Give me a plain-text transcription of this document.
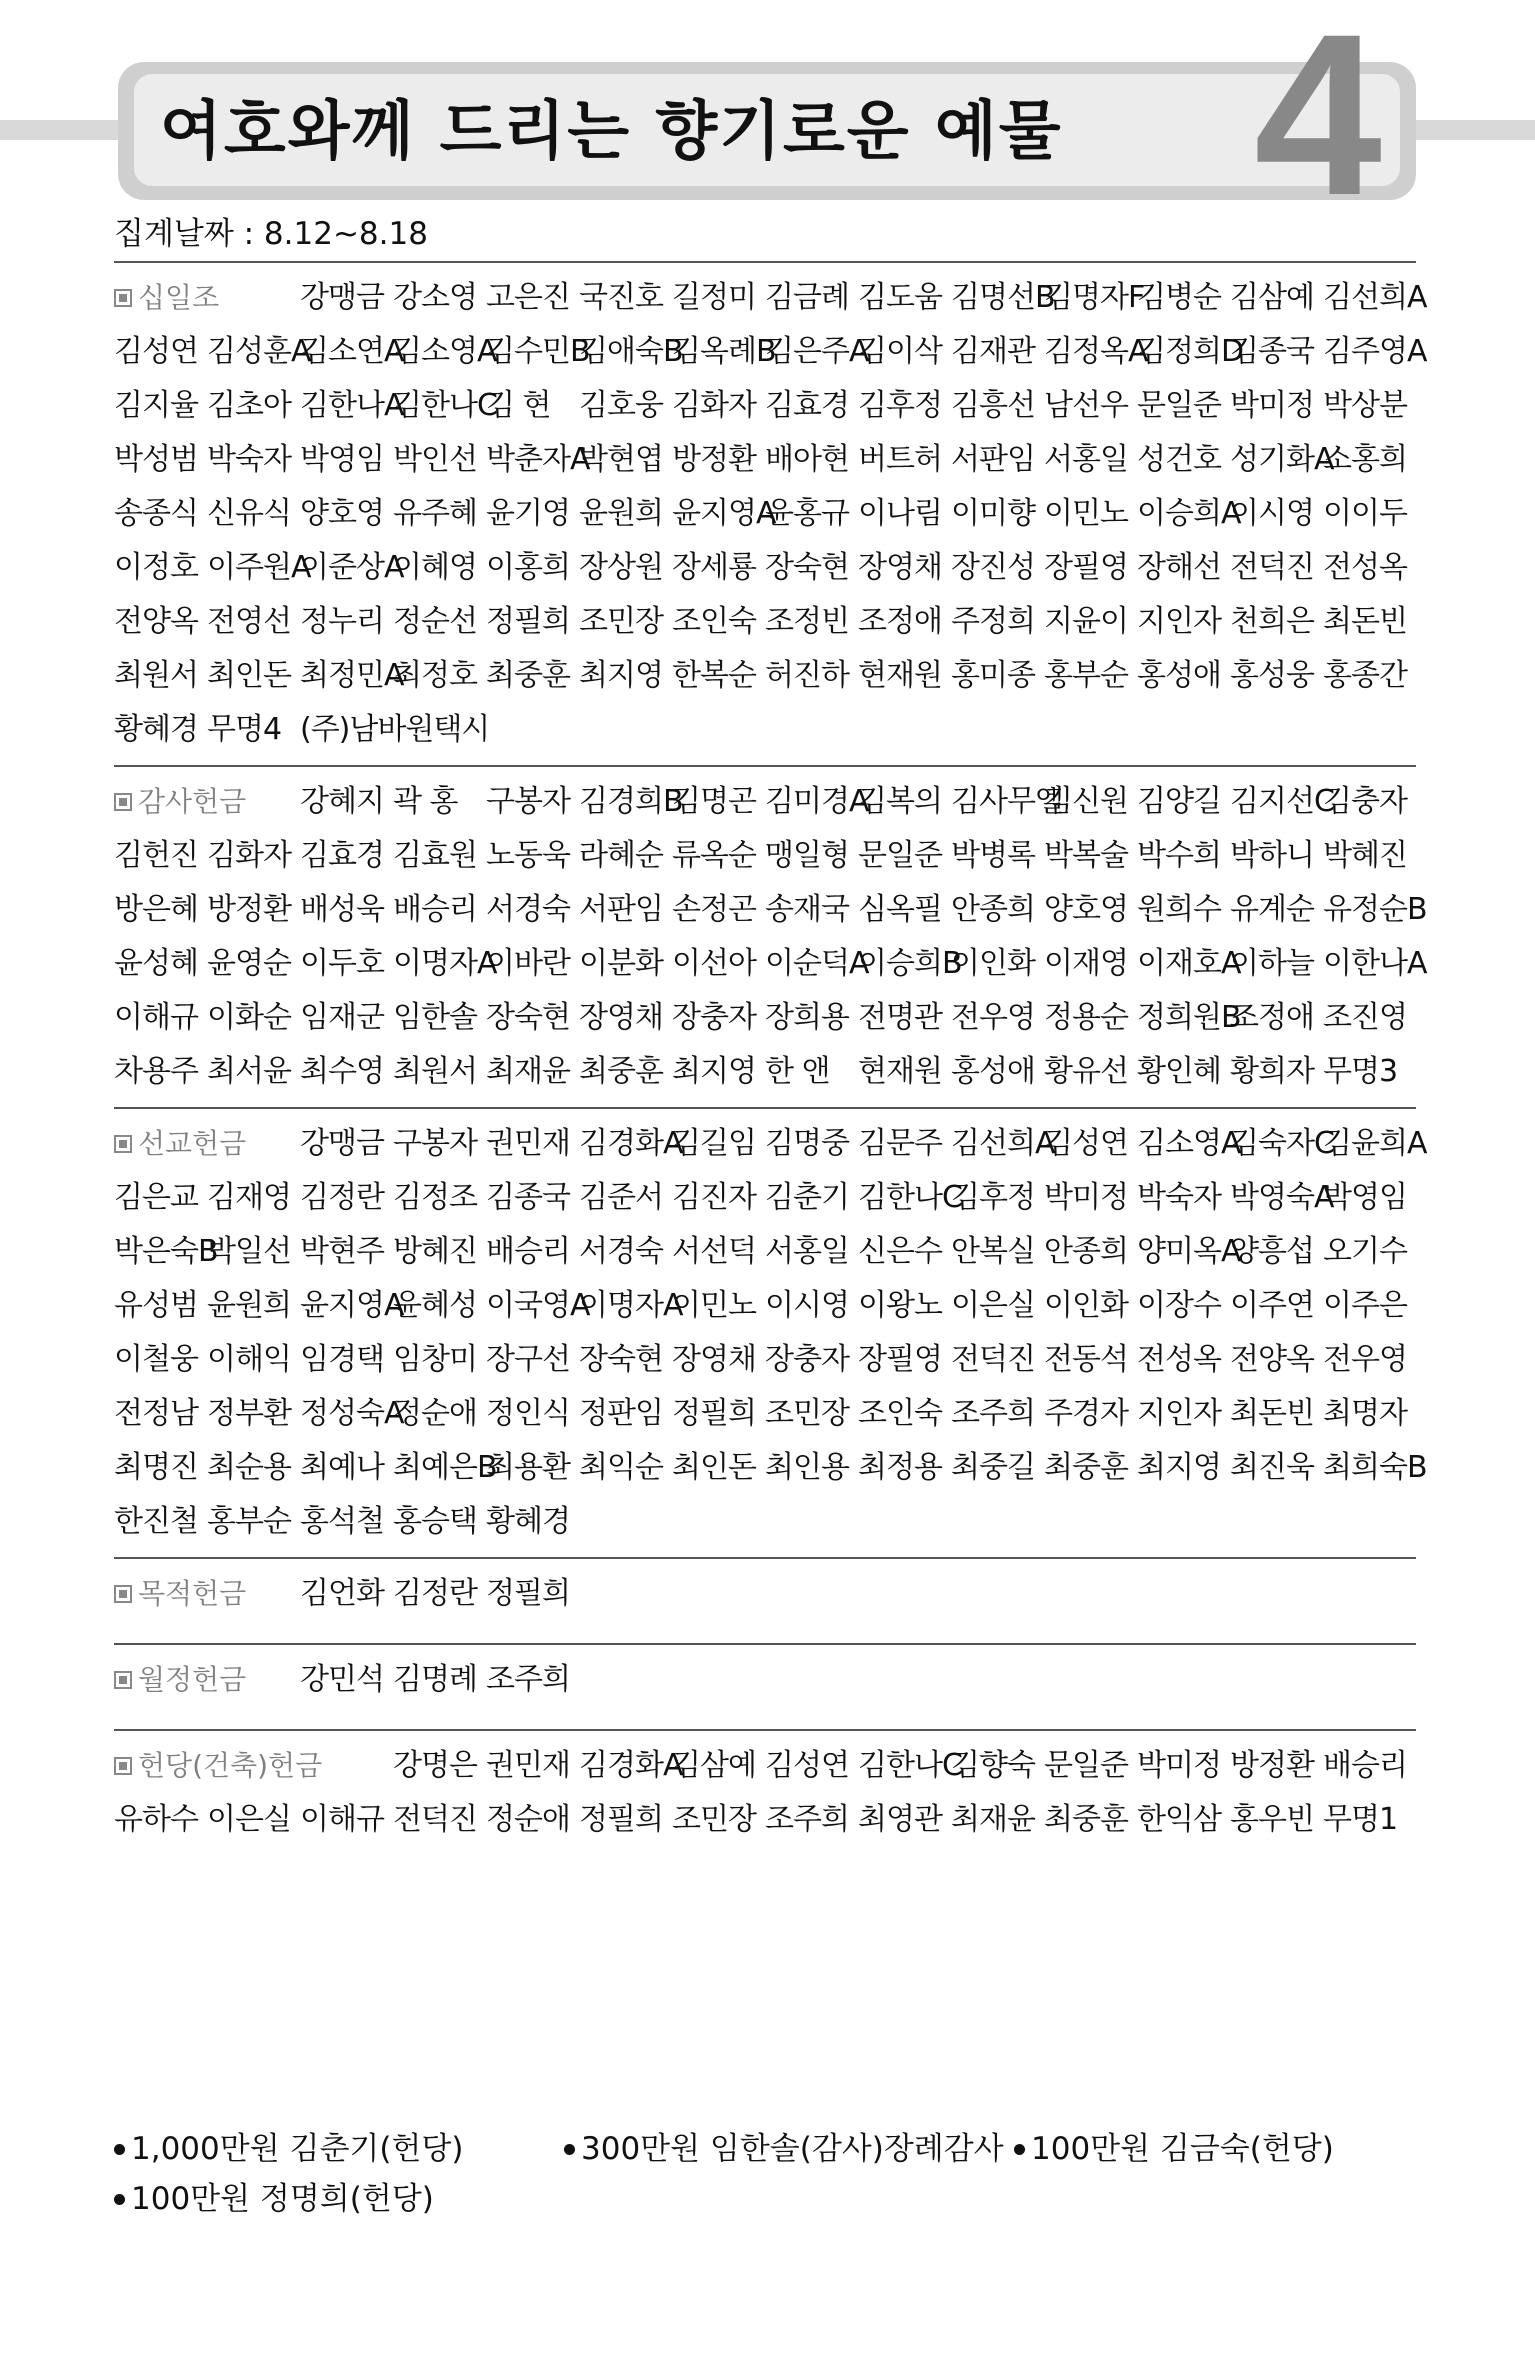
여호와께 드리는 향기로운 예물 4
집계날짜 : 8.12~8.18
십일조	강맹금 강소영 고은진 국진호 길정미 김금례 김도움 김명선B
김명자F
김병순 김삼예 김선희A
김성연 김성훈A
김소연A
김소영A
김수민B
김애숙B
김옥례B
김은주A
김이삭 김재관 김정옥A
김정희D
김종국 김주영A
김지율 김초아 김한나A
김한나C
김 현 김호웅 김화자 김효경 김후정 김흥선 남선우 문일준 박미정 박상분
박성범 박숙자 박영임 박인선 박춘자A
박현엽 방정환 배아현 버트허 서판임 서홍일 성건호 성기화A
소홍희
송종식 신유식 양호영 유주혜 윤기영 윤원희 윤지영A
윤홍규 이나림 이미향 이민노 이승희A
이시영 이이두
이정호 이주원A
이준상A
이혜영 이홍희 장상원 장세룡 장숙현 장영채 장진성 장필영 장해선 전덕진 전성옥
전양옥 전영선 정누리 정순선 정필희 조민장 조인숙 조정빈 조정애 주정희 지윤이 지인자 천희은 최돈빈
최원서 최인돈 최정민A
최정호 최중훈 최지영 한복순 허진하 현재원 홍미종 홍부순 홍성애 홍성웅 홍종간
황혜경 무명4 (주)남바원택시
감사헌금 강혜지 곽 홍 구봉자 김경희B
김명곤 김미경A
김복의 김사무엘
김신원 김양길 김지선C
김충자
김헌진 김화자 김효경 김효원 노동욱 라혜순 류옥순 맹일형 문일준 박병록 박복술 박수희 박하니 박혜진
방은혜 방정환 배성욱 배승리 서경숙 서판임 손정곤 송재국 심옥필 안종희 양호영 원희수 유계순 유정순B
윤성혜 윤영순 이두호 이명자A
이바란 이분화 이선아 이순덕A
이승희B
이인화 이재영 이재호A
이하늘 이한나A
이해규 이화순 임재군 임한솔 장숙현 장영채 장충자 장희용 전명관 전우영 정용순 정희원B
조정애 조진영
차용주 최서윤 최수영 최원서 최재윤 최중훈 최지영 한 앤 현재원 홍성애 황유선 황인혜 황희자 무명3
선교헌금 강맹금 구봉자 권민재 김경화A
김길임 김명중 김문주 김선희A
김성연 김소영A
김숙자C
김윤희A
김은교 김재영 김정란 김정조 김종국 김준서 김진자 김춘기 김한나C
김후정 박미정 박숙자 박영숙A
박영임
박은숙B
박일선 박현주 방혜진 배승리 서경숙 서선덕 서홍일 신은수 안복실 안종희 양미옥A
양흥섭 오기수
유성범 윤원희 윤지영A
윤혜성 이국영A
이명자A
이민노 이시영 이왕노 이은실 이인화 이장수 이주연 이주은
이철웅 이해익 임경택 임창미 장구선 장숙현 장영채 장충자 장필영 전덕진 전동석 전성옥 전양옥 전우영
전정남 정부환 정성숙A
정순애 정인식 정판임 정필희 조민장 조인숙 조주희 주경자 지인자 최돈빈 최명자
최명진 최순용 최예나 최예은B
최용환 최익순 최인돈 최인용 최정용 최중길 최중훈 최지영 최진욱 최희숙B
한진철 홍부순 홍석철 홍승택 황혜경
목적헌금 김언화 김정란 정필희
월정헌금 강민석 김명례 조주희
헌당(건축)헌금 강명은 권민재 김경화A
김삼예 김성연 김한나C
김향숙 문일준 박미정 방정환 배승리
유하수 이은실 이해규 전덕진 정순애 정필희 조민장 조주희 최영관 최재윤 최중훈 한익삼 홍우빈 무명1
1,000만원 김춘기(헌당)	300만원 임한솔(감사)장례감사 100만원 김금숙(헌당)
100만원 정명희(헌당)
